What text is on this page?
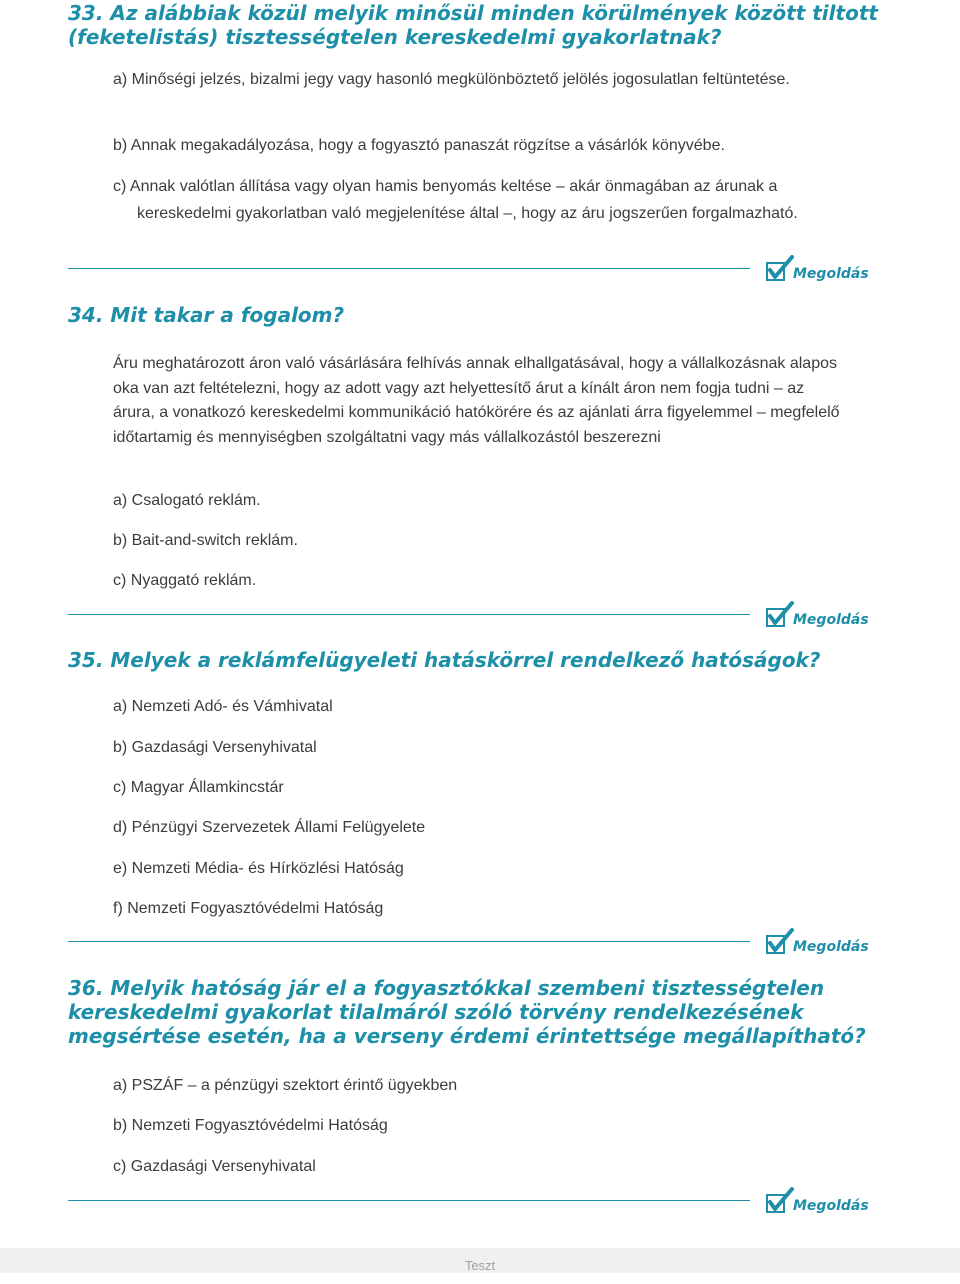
33. Az alábbiak közül melyik minősül minden körülmények között tiltott (feketelistás) tisztességtelen kereskedelmi gyakorlatnak?
a) Minőségi jelzés, bizalmi jegy vagy hasonló megkülönböztető jelölés jogosulatlan feltüntetése.
b) Annak megakadályozása, hogy a fogyasztó panaszát rögzítse a vásárlók könyvébe.
c) Annak valótlan állítása vagy olyan hamis benyomás keltése – akár önmagában az árunak a kereskedelmi gyakorlatban való megjelenítése által –, hogy az áru jogszerűen forgalmazható.
Megoldás
34. Mit takar a fogalom?
Áru meghatározott áron való vásárlására felhívás annak elhallgatásával, hogy a vállalkozásnak alapos oka van azt feltételezni, hogy az adott vagy azt helyettesítő árut a kínált áron nem fogja tudni – az árura, a vonatkozó kereskedelmi kommunikáció hatókörére és az ajánlati árra figyelemmel – megfelelő időtartamig és mennyiségben szolgáltatni vagy más vállalkozástól beszerezni
a) Csalogató reklám.
b) Bait-and-switch reklám.
c) Nyaggató reklám.
Megoldás
35. Melyek a reklámfelügyeleti hatáskörrel rendelkező hatóságok?
a) Nemzeti Adó- és Vámhivatal
b) Gazdasági Versenyhivatal
c) Magyar Államkincstár
d) Pénzügyi Szervezetek Állami Felügyelete
e) Nemzeti Média- és Hírközlési Hatóság
f) Nemzeti Fogyasztóvédelmi Hatóság
Megoldás
36. Melyik hatóság jár el a fogyasztókkal szembeni tisztességtelen kereskedelmi gyakorlat tilalmáról szóló törvény rendelkezésének megsértése esetén, ha a verseny érdemi érintettsége megállapítható?
a) PSZÁF – a pénzügyi szektort érintő ügyekben
b) Nemzeti Fogyasztóvédelmi Hatóság
c) Gazdasági Versenyhivatal
Megoldás
Teszt
